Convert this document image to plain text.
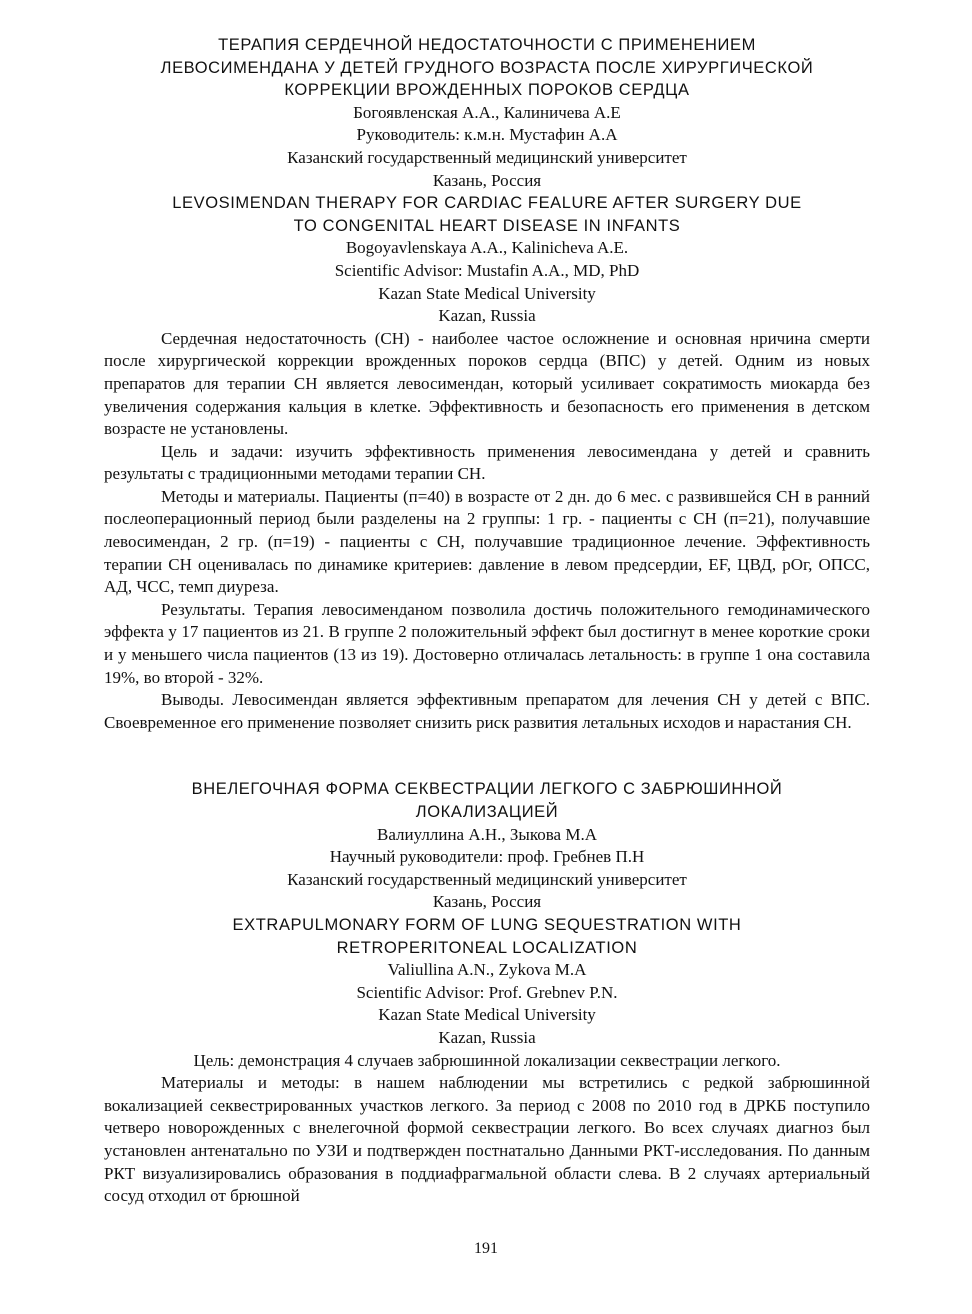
ТЕРАПИЯ СЕРДЕЧНОЙ НЕДОСТАТОЧНОСТИ С ПРИМЕНЕНИЕМ

ЛЕВОСИМЕНДАНА У ДЕТЕЙ ГРУДНОГО ВОЗРАСТА ПОСЛЕ ХИРУРГИЧЕСКОЙ

КОРРЕКЦИИ ВРОЖДЕННЫХ ПОРОКОВ СЕРДЦА

Богоявленская А.А., Калиничева А.Е

Руководитель: к.м.н. Мустафин А.А

Казанский государственный медицинский университет

Казань, Россия

LEVOSIMENDAN THERAPY FOR CARDIAC FEALURE AFTER SURGERY DUE

TO CONGENITAL HEART DISEASE IN INFANTS

Bogoyavlenskaya A.A., Kalinicheva A.E.

Scientific Advisor: Mustafin A.A., MD, PhD

Kazan State Medical University

Kazan, Russia

Сердечная недостаточность (СН) - наиболее частое осложнение и основная нричина смерти после хирургической коррекции врожденных пороков сердца (ВПС) у детей. Одним из новых препаратов для терапии СН является левосимендан, который усиливает сократимость миокарда без увеличения содержания кальция в клетке. Эффективность и безопасность его применения в детском возрасте не установлены.

Цель и задачи: изучить эффективность применения левосимендана у детей и сравнить результаты с традиционными методами терапии СН.

Методы и материалы. Пациенты (п=40) в возрасте от 2 дн. до 6 мес. с развившейся СН в ранний послеоперационный период были разделены на 2 группы: 1 гр. - пациенты с СН (п=21), получавшие левосимендан, 2 гр. (п=19) - пациенты с СН, получавшие традиционное лечение. Эффективность терапии СН оценивалась по динамике критериев: давление в левом предсердии, EF, ЦВД, рОг, ОПСС, АД, ЧСС, темп диуреза.

Результаты. Терапия левосименданом позволила достичь положительного гемодинамического эффекта у 17 пациентов из 21. В группе 2 положительный эффект был достигнут в менее короткие сроки и у меньшего числа пациентов (13 из 19). Достоверно отличалась летальность: в группе 1 она составила 19%, во второй - 32%.

Выводы. Левосимендан является эффективным препаратом для лечения СН у детей с ВПС. Своевременное его применение позволяет снизить риск развития летальных исходов и нарастания СН.

ВНЕЛЕГОЧНАЯ ФОРМА СЕКВЕСТРАЦИИ ЛЕГКОГО С ЗАБРЮШИННОЙ

ЛОКАЛИЗАЦИЕЙ

Валиуллина А.Н., Зыкова М.А

Научный руководители: проф. Гребнев П.Н

Казанский государственный медицинский университет

Казань, Россия

EXTRAPULMONARY FORM OF LUNG SEQUESTRATION WITH

RETROPERITONEAL LOCALIZATION

Valiullina A.N., Zykova M.A

Scientific Advisor: Prof. Grebnev P.N.

Kazan State Medical University

Kazan, Russia

Цель: демонстрация 4 случаев забрюшинной локализации секвестрации легкого.

Материалы и методы: в нашем наблюдении мы встретились с редкой забрюшинной вокализацией секвестрированных участков легкого. За период с 2008 по 2010 год в ДРКБ поступило четверо новорожденных с внелегочной формой секвестрации легкого. Во всех случаях диагноз был установлен антенатально по УЗИ и подтвержден постнатально Данными РКТ-исследования. По данным РКТ визуализировались образования в поддиафрагмальной области слева. В 2 случаях артериальный сосуд отходил от брюшной

191
